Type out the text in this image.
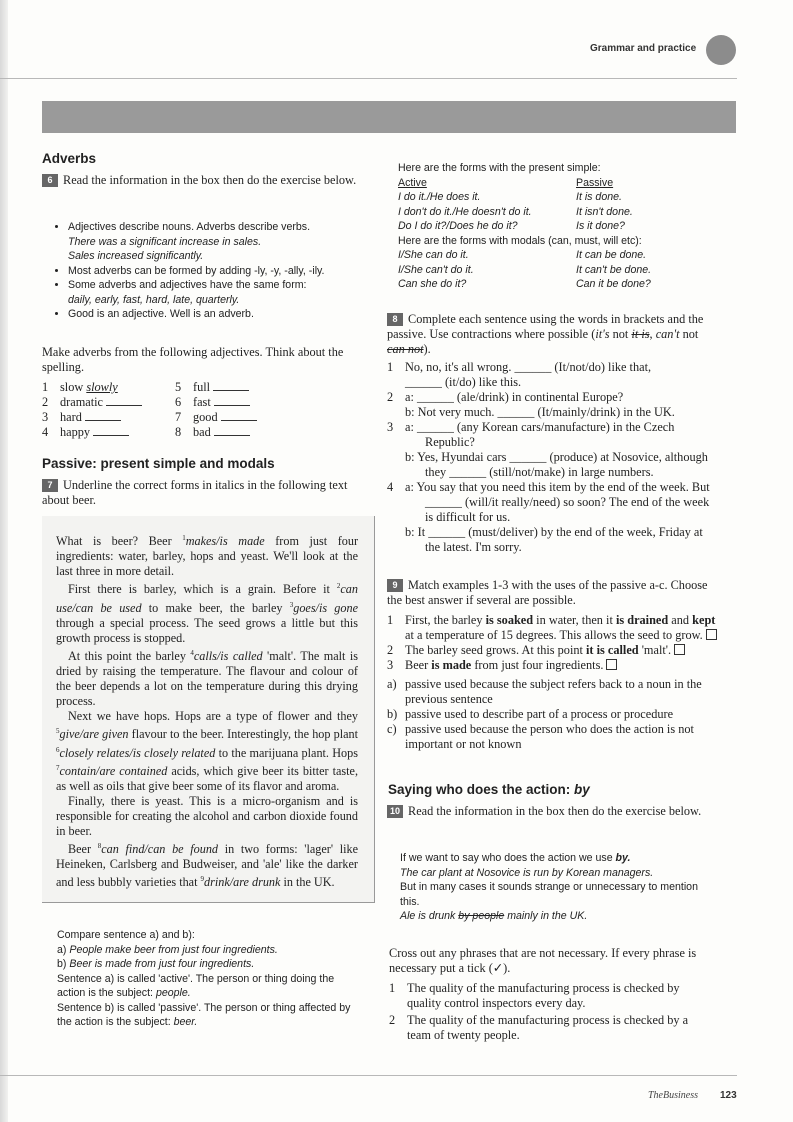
Grammar and practice
Adverbs
6 Read the information in the box then do the exercise below.
• Adjectives describe nouns. Adverbs describe verbs.
There was a significant increase in sales.
Sales increased significantly.
• Most adverbs can be formed by adding -ly, -y, -ally, -ily.
• Some adverbs and adjectives have the same form:
daily, early, fast, hard, late, quarterly.
• Good is an adjective. Well is an adverb.
Make adverbs from the following adjectives. Think about the spelling.
1 slow
slowly
2 dramatic

3 hard

4 happy

5 full

6 fast

7 good

8 bad

Passive: present simple and modals
7 Underline the correct forms in italics in the following text about beer.

What is beer? Beer $^1$makes/is made from just four ingredients: water, barley, hops and yeast. We'll look at the last three in more detail.

First there is barley, which is a grain. Before it $^2$can use/can be used to make beer, the barley $^3$goes/is gone through a special process. The seed grows a little but this growth process is stopped.

At this point the barley $^4$calls/is called 'malt'. The malt is dried by raising the temperature. The flavour and colour of the beer depends a lot on the temperature during this drying process.

Next we have hops. Hops are a type of flower and they $^5$give/are given flavour to the beer. Interestingly, the hop plant $^6$closely relates/is closely related to the marijuana plant. Hops $^7$contain/are contained acids, which give beer its bitter taste, as well as oils that give beer some of its flavor and aroma.

Finally, there is yeast. This is a micro-organism and is responsible for creating the alcohol and carbon dioxide found in beer.

Beer $^8$can find/can be found in two forms: 'lager' like Heineken, Carlsberg and Budweiser, and 'ale' like the darker and less bubbly varieties that $^9$drink/are drunk in the UK.

Compare sentence a) and b):
a) People make beer from just four ingredients.
b) Beer is made from just four ingredients.
Sentence a) is called 'active'. The person or thing doing the action is the subject: people.
Sentence b) is called 'passive'. The person or thing affected by the action is the subject: beer.
Here are the forms with the present simple:
Active	Passive
I do it./He does it.	It is done.
I don't do it./He doesn't do it.	It isn't done.
Do I do it?/Does he do it?	Is it done?
Here are the forms with modals (can, must, will etc):
I/She can do it.	It can be done.
I/She can't do it.	It can't be done.
Can she do it?	Can it be done?
8 Complete each sentence using the words in brackets and the passive. Use contractions where possible (it's not it is, can't not can not).
1 No, no, it's all wrong. ______ (It/not/do) like that,
______ (it/do) like this.
2 a: ______ (ale/drink) in continental Europe?
b: Not very much. ______ (It/mainly/drink) in the UK.
3 a: ______ (any Korean cars/manufacture) in the Czech Republic?
b: Yes, Hyundai cars ______ (produce) at Nosovice, although they ______ (still/not/make) in large numbers.
4 a: You say that you need this item by the end of the week. But ______ (will/it really/need) so soon? The end of the week is difficult for us.
b: It ______ (must/deliver) by the end of the week, Friday at the latest. I'm sorry.
9 Match examples 1-3 with the uses of the passive a-c. Choose the best answer if several are possible.
1 First, the barley is soaked in water, then it is drained and kept at a temperature of 15 degrees. This allows the seed to grow.
2 The barley seed grows. At this point it is called 'malt'.
3 Beer is made from just four ingredients.
a) passive used because the subject refers back to a noun in the previous sentence
b) passive used to describe part of a process or procedure
c) passive used because the person who does the action is not important or not known
Saying who does the action: by
10 Read the information in the box then do the exercise below.
If we want to say who does the action we use by.
The car plant at Nosovice is run by Korean managers.
But in many cases it sounds strange or unnecessary to mention this.
Ale is drunk by people mainly in the UK.
Cross out any phrases that are not necessary. If every phrase is necessary put a tick (✓).
1 The quality of the manufacturing process is checked by quality control inspectors every day.
2 The quality of the manufacturing process is checked by a team of twenty people.
TheBusiness 123
